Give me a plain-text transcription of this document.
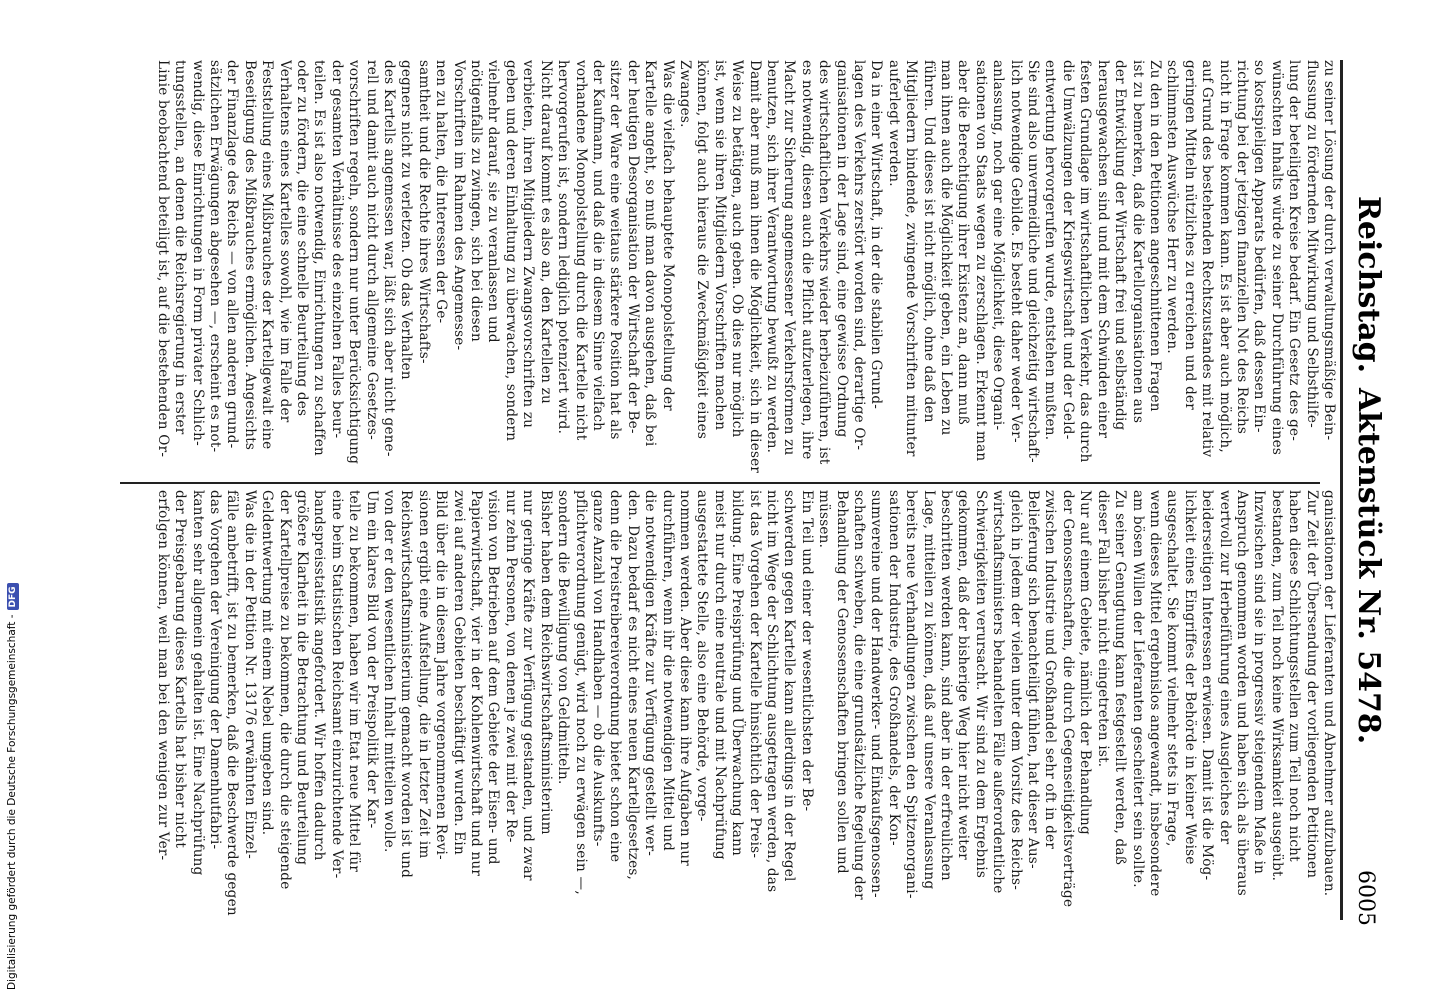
Reichstag.
Aktenstück Nr. 5478.
6005
zu seiner Lösung der durch verwaltungsmäßige Bein-
flussung zu fördernden Mitwirkung und Selbsthilfe-
lung der beteiligten Kreise bedarf. Ein Gesetz des ge-
wünschten Inhalts würde zu seiner Durchführung eines
so kostspieligen Apparats bedürfen, daß dessen Ein-
richtung bei der jetzigen finanziellen Not des Reichs
nicht in Frage kommen kann. Es ist aber auch möglich,
auf Grund des bestehenden Rechtszustandes mit relativ
geringen Mitteln nützliches zu erreichen und der
schlimmsten Auswüchse Herr zu werden.
Zu den in den Petitionen angeschnittenen Fragen
ist zu bemerken, daß die Kartellorganisationen aus
der Entwicklung der Wirtschaft frei und selbständig
herausgewachsen sind und mit dem Schwinden einer
festen Grundlage im wirtschaftlichen Verkehr, das durch
die Umwälzungen der Kriegswirtschaft und der Geld-
entwertung hervorgerufen wurde, entstehen mußten.
Sie sind also unvermeidliche und gleichzeitig wirtschaft-
lich notwendige Gebilde. Es besteht daher weder Ver-
anlassung, noch gar eine Möglichkeit, diese Organi-
sationen von Staats wegen zu zerschlagen. Erkennt man
aber die Berechtigung ihrer Existenz an, dann muß
man ihnen auch die Möglichkeit geben, ein Leben zu
führen. Und dieses ist nicht möglich, ohne daß den
Mitgliedern bindende, zwingende Vorschriften mitunter
auferlegt werden.
Da in einer Wirtschaft, in der die stabilen Grund-
lagen des Verkehrs zerstört worden sind, derartige Or-
ganisationen in der Lage sind, eine gewisse Ordnung
des wirtschaftlichen Verkehrs wieder herbeizuführen, ist
es notwendig, diesen auch die Pflicht aufzuerlegen, ihre
Macht zur Sicherung angemessener Verkehrsformen zu
benutzen, sich ihrer Verantwortung bewußt zu werden.
Damit aber muß man ihnen die Möglichkeit, sich in dieser
Weise zu betätigen, auch geben. Ob dies nur möglich
ist, wenn sie ihren Mitgliedern Vorschriften machen
können, folgt auch hieraus die Zweckmäßigkeit eines
Zwanges.
Was die vielfach behauptete Monopolstellung der
Kartelle angeht, so muß man davon ausgehen, daß bei
der heutigen Desorganisation der Wirtschaft der Be-
sitzer der Ware eine weitaus stärkere Position hat als
der Kaufmann, und daß die in diesem Sinne vielfach
vorhandene Monopolstellung durch die Kartelle nicht
hervorgerufen ist, sondern lediglich potenziert wird.
Nicht darauf kommt es also an, den Kartellen zu
verbieten, ihren Mitgliedern Zwangsvorschriften zu
geben und deren Einhaltung zu überwachen, sondern
vielmehr darauf, sie zu veranlassen und
nötigenfalls zu zwingen, sich bei diesen
Vorschriften im Rahmen des Angemesse-
nen zu halten, die Interessen der Ge-
samtheit und die Rechte ihres Wirtschafts-
gegners nicht zu verletzen. Ob das Verhalten
des Kartells angemessen war, läßt sich aber nicht gene-
rell und damit auch nicht durch allgemeine Gesetzes-
vorschriften regeln, sondern nur unter Berücksichtigung
der gesamten Verhältnisse des einzelnen Falles beur-
teilen. Es ist also notwendig, Einrichtungen zu schaffen
oder zu fördern, die eine schnelle Beurteilung des
Verhaltens eines Kartelles sowohl, wie im Falle der
Feststellung eines Mißbrauches der Kartellgewalt eine
Beseitigung des Mißbrauches ermöglichen. Angesichts
der Finanzlage des Reichs — von allen anderen grund-
sätzlichen Erwägungen abgesehen —, erscheint es not-
wendig, diese Einrichtungen in Form privater Schlich-
tungsstellen, an denen die Reichsregierung in erster
Linie beobachtend beteiligt ist, auf die bestehenden Or-
ganisationen der Lieferanten und Abnehmer aufzubauen.
Zur Zeit der Übersendung der vorliegenden Petitionen
haben diese Schlichtungsstellen zum Teil noch nicht
bestanden, zum Teil noch keine Wirksamkeit ausgeübt.
Inzwischen sind sie in progressiv steigendem Maße in
Anspruch genommen worden und haben sich als überaus
wertvoll zur Herbeiführung eines Ausgleiches der
beiderseitigen Interessen erwiesen. Damit ist die Mög-
lichkeit eines Eingriffes der Behörde in keiner Weise
ausgeschaltet. Sie kommt vielmehr stets in Frage,
wenn dieses Mittel ergebnislos angewandt, insbesondere
am bösen Willen der Lieferanten gescheitert sein sollte.
Zu seiner Genugtuung kann festgestellt werden, daß
dieser Fall bisher nicht eingetreten ist.
Nur auf einem Gebiete, nämlich der Behandlung
der Genossenschaften, die durch Gegenseitigkeitsverträge
zwischen Industrie und Großhandel sehr oft in der
Belieferung sich benachteiligt fühlen, hat dieser Aus-
gleich in jedem der vielen unter dem Vorsitz des Reichs-
wirtschaftsministers behandelten Fälle außerordentliche
Schwierigkeiten verursacht. Wir sind zu dem Ergebnis
gekommen, daß der bisherige Weg hier nicht weiter
beschritten werden kann, sind aber in der erfreulichen
Lage, mitteilen zu können, daß auf unsere Veranlassung
bereits neue Verhandlungen zwischen den Spitzenorgani-
sationen der Industrie, des Großhandels, der Kon-
sumvereine und der Handwerker- und Einkaufsgenossen-
schaften schweben, die eine grundsätzliche Regelung der
Behandlung der Genossenschaften bringen sollen und
müssen.
Ein Teil und einer der wesentlichsten der Be-
schwerden gegen Kartelle kann allerdings in der Regel
nicht im Wege der Schlichtung ausgetragen werden, das
ist das Vorgehen der Kartelle hinsichtlich der Preis-
bildung. Eine Preisprüfung und Überwachung kann
meist nur durch eine neutrale und mit Nachprüfung
ausgestattete Stelle, also eine Behörde, vorge-
nommen werden. Aber diese kann ihre Aufgaben nur
durchführen, wenn ihr die notwendigen Mittel und
die notwendigen Kräfte zur Verfügung gestellt wer-
den. Dazu bedarf es nicht eines neuen Kartellgesetzes,
denn die Preistreibereiverordnung bietet schon eine
ganze Anzahl von Handhaben — ob die Auskunfts-
pflichtverordnung genügt, wird noch zu erwägen sein —,
sondern die Bewilligung von Geldmitteln.
Bisher haben dem Reichswirtschaftsministerium
nur geringe Kräfte zur Verfügung gestanden, und zwar
nur zehn Personen, von denen je zwei mit der Re-
vision von Betrieben auf dem Gebiete der Eisen- und
Papierwirtschaft, vier in der Kohlenwirtschaft und nur
zwei auf anderen Gebieten beschäftigt wurden. Ein
Bild über die in diesem Jahre vorgenommenen Revi-
sionen ergibt eine Aufstellung, die in letzter Zeit im
Reichswirtschaftsministerium gemacht worden ist und
von der er den wesentlichen Inhalt mitteilen wolle.
Um ein klares Bild von der Preispolitik der Kar-
telle zu bekommen, haben wir im Etat neue Mittel für
eine beim Statistischen Reichsamt einzurichtende Ver-
bandspreisstatistik angefordert. Wir hoffen dadurch
größere Klarheit in die Betrachtung und Beurteilung
der Kartellpreise zu bekommen, die durch die steigende
Geldentwertung mit einem Nebel umgeben sind.
Was die in der Petition Nr. 13176 erwähnten Einzel-
fälle anbetrifft, ist zu bemerken, daß die Beschwerde gegen
das Vorgehen der Vereinigung der Damenhutfabri-
kanten sehr allgemein gehalten ist. Eine Nachprüfung
der Preisgebarung dieses Kartells hat bisher nicht
erfolgen können, weil man bei den wenigen zur Ver-
Digitalisierung gefördert durch die Deutsche Forschungsgemeinschaft -DFG
